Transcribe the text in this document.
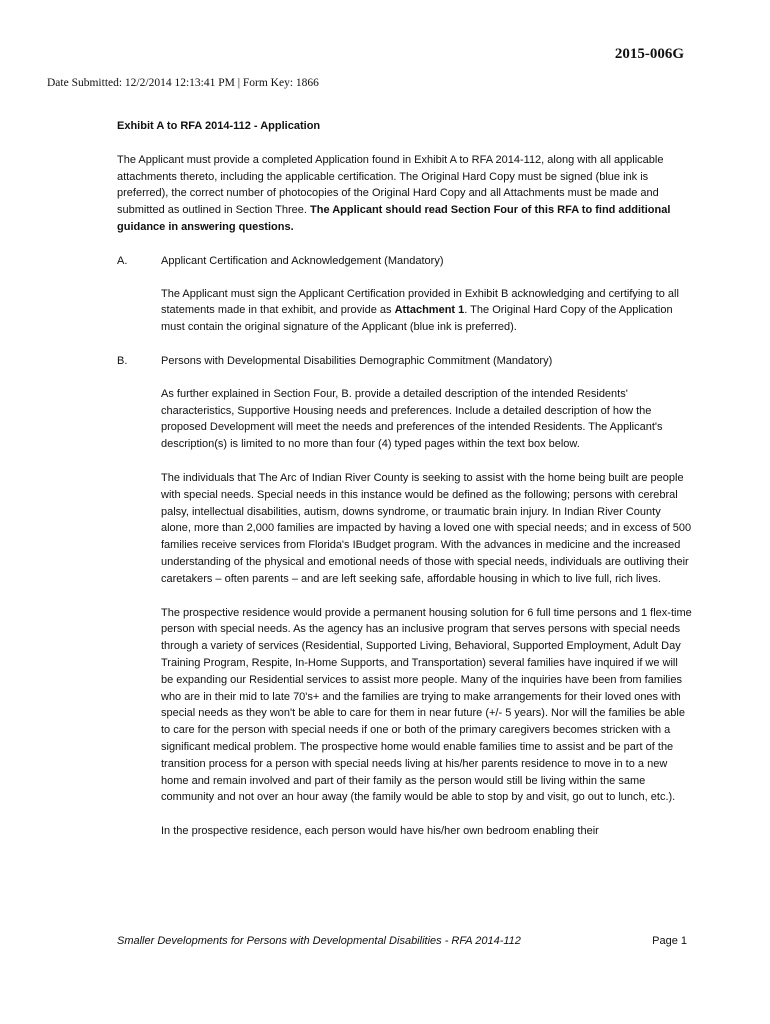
2015-006G
Date Submitted: 12/2/2014 12:13:41 PM | Form Key: 1866
Exhibit A to RFA 2014-112 - Application

The Applicant must provide a completed Application found in Exhibit A to RFA 2014-112, along with all applicable attachments thereto, including the applicable certification. The Original Hard Copy must be signed (blue ink is preferred), the correct number of photocopies of the Original Hard Copy and all Attachments must be made and submitted as outlined in Section Three. The Applicant should read Section Four of this RFA to find additional guidance in answering questions.

A.	Applicant Certification and Acknowledgement (Mandatory)

The Applicant must sign the Applicant Certification provided in Exhibit B acknowledging and certifying to all statements made in that exhibit, and provide as Attachment 1. The Original Hard Copy of the Application must contain the original signature of the Applicant (blue ink is preferred).

B.	Persons with Developmental Disabilities Demographic Commitment (Mandatory)

As further explained in Section Four, B. provide a detailed description of the intended Residents' characteristics, Supportive Housing needs and preferences. Include a detailed description of how the proposed Development will meet the needs and preferences of the intended Residents. The Applicant's description(s) is limited to no more than four (4) typed pages within the text box below.

The individuals that The Arc of Indian River County is seeking to assist with the home being built are people with special needs. Special needs in this instance would be defined as the following; persons with cerebral palsy, intellectual disabilities, autism, downs syndrome, or traumatic brain injury. In Indian River County alone, more than 2,000 families are impacted by having a loved one with special needs; and in excess of 500 families receive services from Florida's IBudget program. With the advances in medicine and the increased understanding of the physical and emotional needs of those with special needs, individuals are outliving their caretakers – often parents – and are left seeking safe, affordable housing in which to live full, rich lives.

The prospective residence would provide a permanent housing solution for 6 full time persons and 1 flex-time person with special needs. As the agency has an inclusive program that serves persons with special needs through a variety of services (Residential, Supported Living, Behavioral, Supported Employment, Adult Day Training Program, Respite, In-Home Supports, and Transportation) several families have inquired if we will be expanding our Residential services to assist more people. Many of the inquiries have been from families who are in their mid to late 70's+ and the families are trying to make arrangements for their loved ones with special needs as they won't be able to care for them in near future (+/- 5 years). Nor will the families be able to care for the person with special needs if one or both of the primary caregivers becomes stricken with a significant medical problem. The prospective home would enable families time to assist and be part of the transition process for a person with special needs living at his/her parents residence to move in to a new home and remain involved and part of their family as the person would still be living within the same community and not over an hour away (the family would be able to stop by and visit, go out to lunch, etc.).

In the prospective residence, each person would have his/her own bedroom enabling their

Smaller Developments for Persons with Developmental Disabilities - RFA 2014-112	Page 1
